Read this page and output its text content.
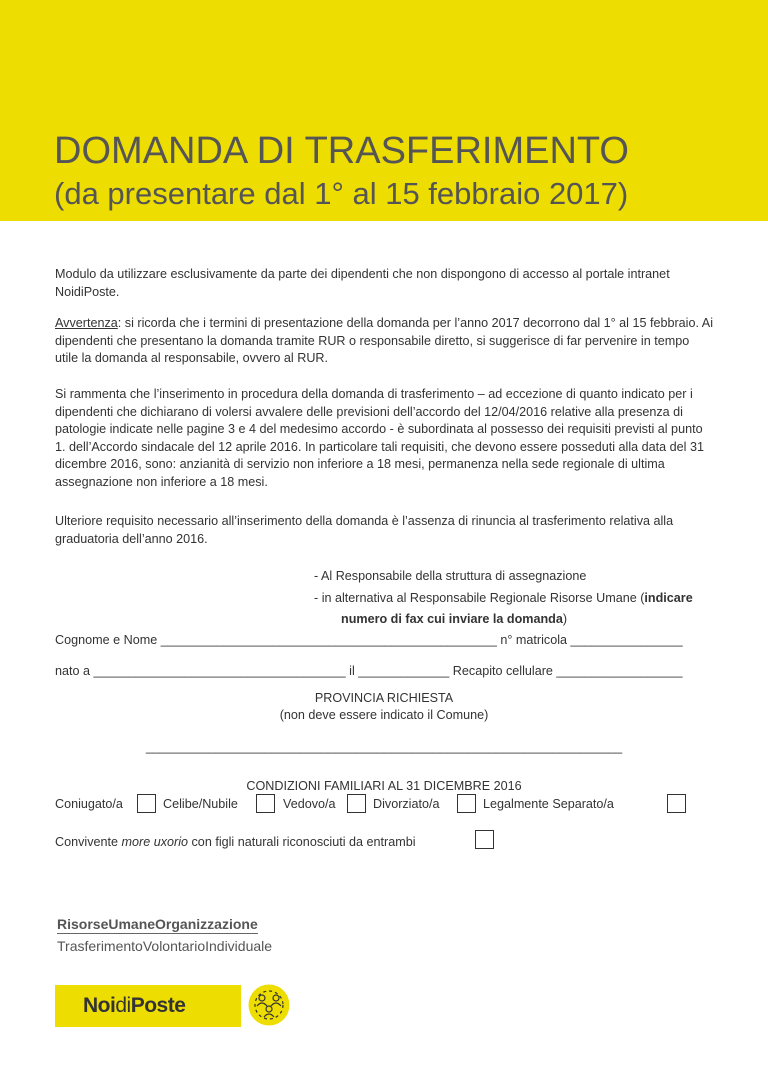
DOMANDA DI TRASFERIMENTO
(da presentare dal 1° al 15 febbraio 2017)
Modulo da utilizzare esclusivamente da parte dei dipendenti che non dispongono di accesso al portale intranet NoidiPoste.
Avvertenza: si ricorda che i termini di presentazione della domanda per l’anno 2017 decorrono dal 1° al 15 febbraio. Ai dipendenti che presentano la domanda tramite RUR o responsabile diretto, si suggerisce di far pervenire in tempo utile la domanda al responsabile, ovvero al RUR.
Si rammenta che l’inserimento in procedura della domanda di trasferimento – ad eccezione di quanto indicato per i dipendenti che dichiarano di volersi avvalere delle previsioni dell’accordo del 12/04/2016 relative alla presenza di patologie indicate nelle pagine 3 e 4 del medesimo accordo - è subordinata al possesso dei requisiti previsti al punto 1. dell’Accordo sindacale del 12 aprile 2016. In particolare tali requisiti, che devono essere posseduti alla data del 31 dicembre 2016, sono: anzianità di servizio non inferiore a 18 mesi, permanenza nella sede regionale di ultima assegnazione non inferiore a 18 mesi.
Ulteriore requisito necessario all’inserimento della domanda è l’assenza di rinuncia al trasferimento relativa alla graduatoria dell’anno 2016.
- Al Responsabile della struttura di assegnazione
- in alternativa al Responsabile Regionale Risorse Umane (indicare
numero di fax cui inviare la domanda)
Cognome e Nome ________________________________________________ n° matricola ________________
nato a ____________________________________ il _____________ Recapito cellulare __________________
PROVINCIA RICHIESTA
(non deve essere indicato il Comune)
____________________________________________________________________
CONDIZIONI FAMILIARI AL 31 DICEMBRE 2016
Coniugato/a	Celibe/Nubile	Vedovo/a	Divorziato/a	Legalmente Separato/a
Convivente more uxorio con figli naturali riconosciuti da entrambi
RisorseUmaneOrganizzazione
TrasferimentoVolontarioIndividuale
NoidiPoste
